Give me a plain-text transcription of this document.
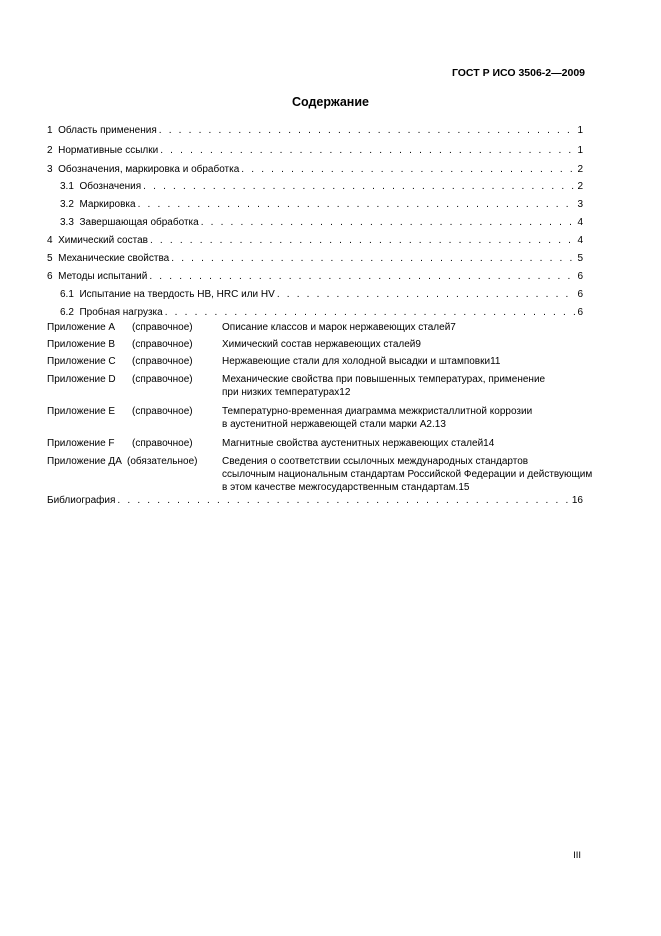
ГОСТ Р ИСО 3506-2—2009
Содержание
1 Область применения . . .	1
2 Нормативные ссылки . . .	1
3 Обозначения, маркировка и обработка . . .	2
3.1 Обозначения . . .	2
3.2 Маркировка . . .	3
3.3 Завершающая обработка . . .	4
4 Химический состав . . .	4
5 Механические свойства . . .	5
6 Методы испытаний . . .	6
6.1 Испытание на твердость HB, HRC или HV . . .	6
6.2 Пробная нагрузка . . .	6
Приложение А (справочное)	Описание классов и марок нержавеющих сталей 7
Приложение В (справочное)	Химический состав нержавеющих сталей 9
Приложение С (справочное)	Нержавеющие стали для холодной высадки и штамповки 11
Приложение D (справочное)	Механические свойства при повышенных температурах, применение
при низких температурах 12
Приложение Е (справочное)	Температурно-временная диаграмма межкристаллитной коррозии
в аустенитной нержавеющей стали марки А2. 13
Приложение F (справочное)	Магнитные свойства аустенитных нержавеющих сталей 14
Приложение ДА (обязательное) Сведения о соответствии ссылочных международных стандартов
ссылочным национальным стандартам Российской Федерации и действующим
в этом качестве межгосударственным стандартам. 15
Библиография . . .	16
III
